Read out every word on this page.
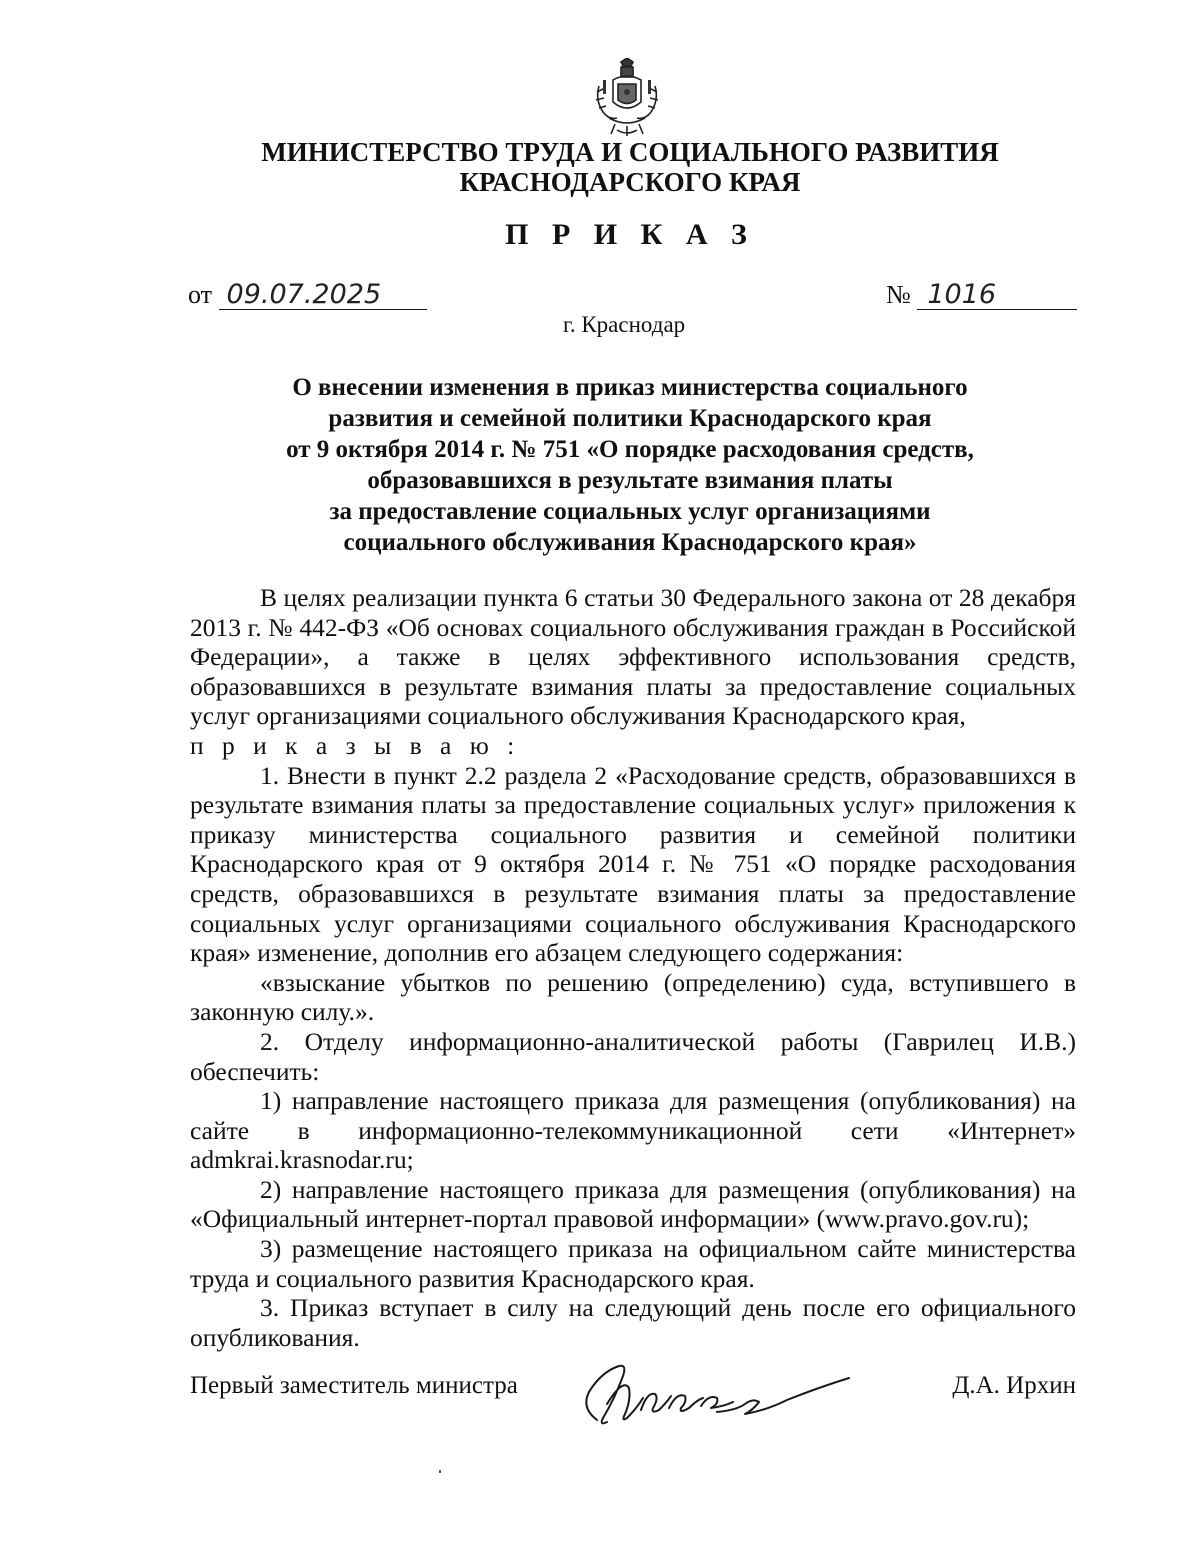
МИНИСТЕРСТВО ТРУДА И СОЦИАЛЬНОГО РАЗВИТИЯ
КРАСНОДАРСКОГО КРАЯ
П Р И К А З
от 09.07.2025	№ 1016
г. Краснодар
О внесении изменения в приказ министерства социального
развития и семейной политики Краснодарского края
от 9 октября 2014 г. № 751 «О порядке расходования средств,
образовавшихся в результате взимания платы
за предоставление социальных услуг организациями
социального обслуживания Краснодарского края»

В целях реализации пункта 6 статьи 30 Федерального закона от 28 декабря 2013 г. № 442-ФЗ «Об основах социального обслуживания граждан в Российской Федерации», а также в целях эффективного использования средств, образовавшихся в результате взимания платы за предоставление социальных услуг организациями социального обслуживания Краснодарского края,

п р и к а з ы в а ю :

1. Внести в пункт 2.2 раздела 2 «Расходование средств, образовавшихся в результате взимания платы за предоставление социальных услуг» приложения к приказу министерства социального развития и семейной политики Краснодарского края от 9 октября 2014 г. № 751 «О порядке расходования средств, образовавшихся в результате взимания платы за предоставление социальных услуг организациями социального обслуживания Краснодарского края» изменение, дополнив его абзацем следующего содержания:

«взыскание убытков по решению (определению) суда, вступившего в законную силу.».

2. Отделу информационно-аналитической работы (Гаврилец И.В.) обеспечить:

1) направление настоящего приказа для размещения (опубликования) на сайте в информационно-телекоммуникационной сети «Интернет» admkrai.krasnodar.ru;

2) направление настоящего приказа для размещения (опубликования) на «Официальный интернет-портал правовой информации» (www.pravo.gov.ru);

3) размещение настоящего приказа на официальном сайте министерства труда и социального развития Краснодарского края.

3. Приказ вступает в силу на следующий день после его официального опубликования.

Первый заместитель министра	Д.А. Ирхин
